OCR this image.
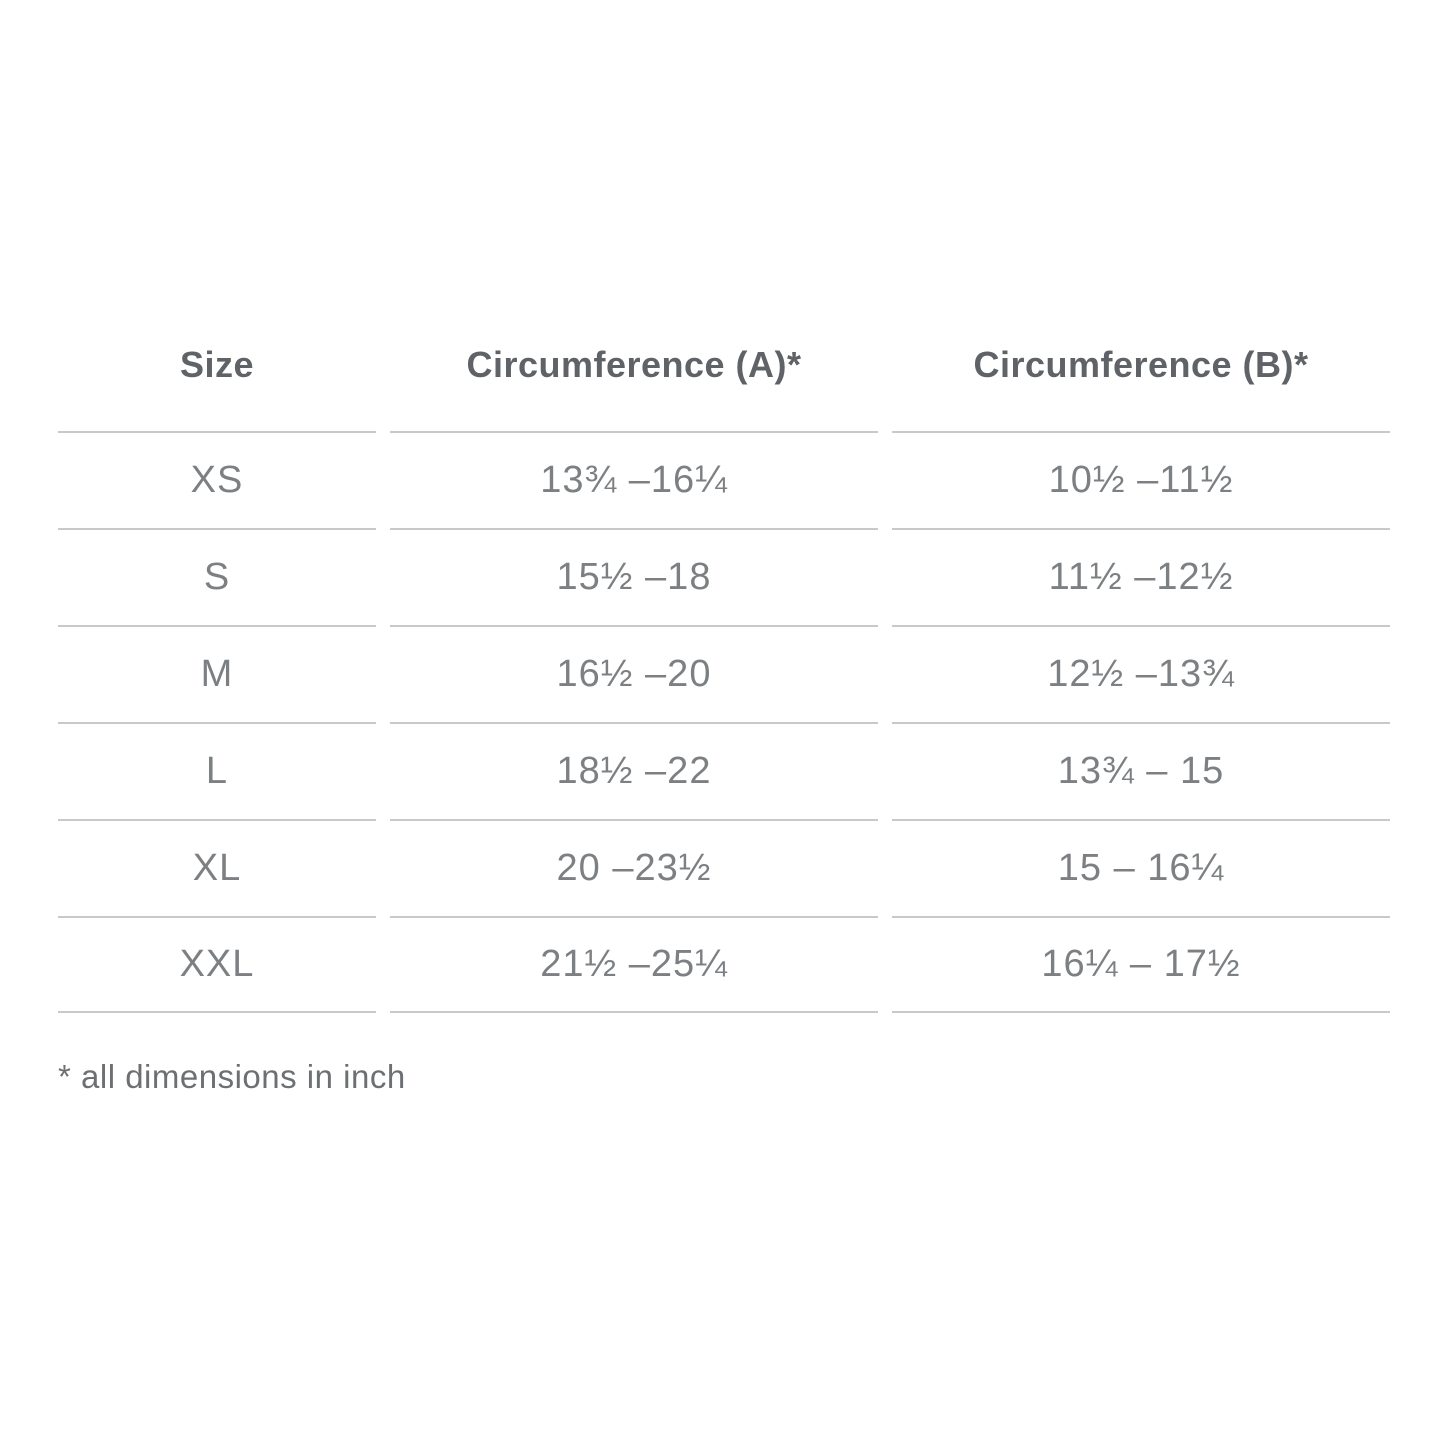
Size	Circumference (A)*	Circumference (B)*
XS	13¾ –16¼	10½ –11½
S	15½ –18	11½ –12½
M	16½ –20	12½ –13¾
L	18½ –22	13¾ – 15
XL	20 –23½	15 – 16¼
XXL	21½ –25¼	16¼ – 17½
* all dimensions in inch
